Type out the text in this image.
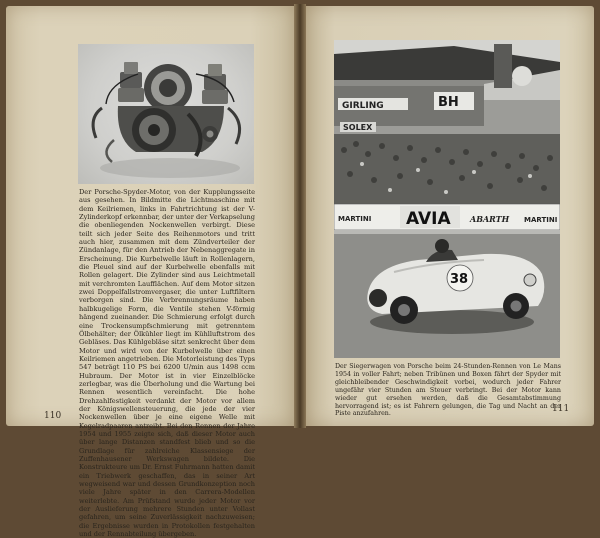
Der Porsche-Spyder-Motor, von der Kupplungsseite aus gesehen. In Bildmitte die Lichtmaschine mit dem Keilriemen, links in Fahrtrichtung ist der V-Zylinderkopf erkennbar, der unter der Verkapselung die obenliegenden Nockenwellen verbirgt. Diese teilt sich jeder Seite des Reihenmotors und tritt auch hier, zusammen mit dem Zündverteiler der Zündanlage, für den Antrieb der Nebenaggregate in Erscheinung. Die Kurbelwelle läuft in Rollenlagern, die Pleuel sind auf der Kurbelwelle ebenfalls mit Rollen gelagert. Die Zylinder sind aus Leichtmetall mit verchromten Laufflächen. Auf dem Motor sitzen zwei Doppelfallstromvergaser, die unter Luftfiltern verborgen sind. Die Verbrennungsräume haben halbkugelige Form, die Ventile stehen V-förmig hängend zueinander. Die Schmierung erfolgt durch eine Trockensumpfschmierung mit getrenntem Ölbehälter; der Ölkühler liegt im Kühlluftstrom des Gebläses. Das Kühlgebläse sitzt senkrecht über dem Motor und wird von der Kurbelwelle über einen Keilriemen angetrieben. Die Motorleistung des Typs 547 beträgt 110 PS bei 6200 U/min aus 1498 ccm Hubraum. Der Motor ist in vier Einzelblöcke zerlegbar, was die Überholung und die Wartung bei Rennen wesentlich vereinfacht. Die hohe Drehzahlfestigkeit verdankt der Motor vor allem der Königswellensteuerung, die jede der vier Nockenwellen über je eine eigene Welle mit Kegelradpaaren antreibt. Bei den Rennen der Jahre 1954 und 1955 zeigte sich, daß dieser Motor auch über lange Distanzen standfest blieb und so die Grundlage für zahlreiche Klassensiege der Zuffenhausener Werkswagen bildete. Die Konstrukteure um Dr. Ernst Fuhrmann hatten damit ein Triebwerk geschaffen, das in seiner Art wegweisend war und dessen Grundkonzeption noch viele Jahre später in den Carrera-Modellen weiterlebte. Am Prüfstand wurde jeder Motor vor der Auslieferung mehrere Stunden unter Vollast gefahren, um seine Zuverlässigkeit nachzuweisen; die Ergebnisse wurden in Protokollen festgehalten und der Rennabteilung übergeben.

110
GIRLING	BH
SOLEX
MARTINI AVIA ABARTH MARTINI
38

Der Siegerwagen von Porsche beim 24-Stunden-Rennen von Le Mans 1954 in voller Fahrt; neben Tribünen und Boxen fährt der Spyder mit gleichbleibender Geschwindigkeit vorbei, wodurch jeder Fahrer ungefähr vier Stunden am Steuer verbringt. Bei der Motor kann wieder gut ersehen werden, daß die Gesamtabstimmung hervorragend ist; es ist Fahrern gelungen, die Tag und Nacht an der Piste anzufahren.	111
